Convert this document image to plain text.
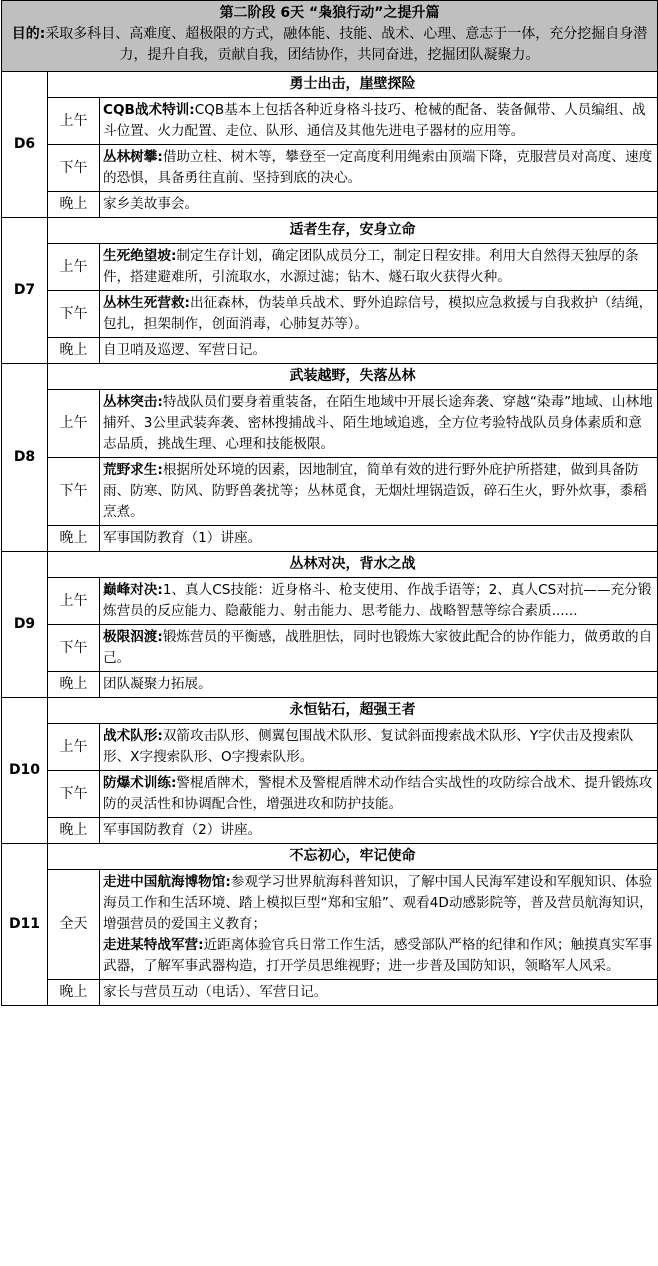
第二阶段 6天 “枭狼行动”之提升篇
目的:采取多科目、高难度、超极限的方式，融体能、技能、战术、心理、意志于一体，充分挖掘自身潜力，提升自我，贡献自我，团结协作，共同奋进，挖掘团队凝聚力。		

D6	勇士出击，崖壁探险	
	上午	CQB战术特训:CQB基本上包括各种近身格斗技巧、枪械的配备、装备佩带、人员编组、战斗位置、火力配置、走位、队形、通信及其他先进电子器材的应用等。

	下午	丛林树攀:借助立柱、树木等，攀登至一定高度利用绳索由顶端下降，克服营员对高度、速度的恐惧，具备勇往直前、坚持到底的决心。

	晚上	家乡美故事会。

D7	适者生存，安身立命	
	上午	生死绝望坡:制定生存计划，确定团队成员分工，制定日程安排。利用大自然得天独厚的条件，搭建避难所，引流取水，水源过滤；钻木、燧石取火获得火种。

	下午	丛林生死营救:出征森林，伪装单兵战术、野外追踪信号，模拟应急救援与自我救护（结绳，包扎，担架制作，创面消毒，心肺复苏等）。

	晚上	自卫哨及巡逻、军营日记。

D8	武装越野，失落丛林	
	上午	丛林突击:特战队员们要身着重装备，在陌生地域中开展长途奔袭、穿越“染毒”地域、山林地捕歼、3公里武装奔袭、密林搜捕战斗、陌生地域追逃，全方位考验特战队员身体素质和意志品质，挑战生理、心理和技能极限。

	下午	荒野求生:根据所处环境的因素，因地制宜，简单有效的进行野外庇护所搭建，做到具备防雨、防寒、防风、防野兽袭扰等；丛林觅食，无烟灶埋锅造饭，碎石生火，野外炊事，黍稻烹煮。

	晚上	军事国防教育（1）讲座。

D9	丛林对决，背水之战	
	上午	巅峰对决:1、真人CS技能：近身格斗、枪支使用、作战手语等；2、真人CS对抗——充分锻炼营员的反应能力、隐蔽能力、射击能力、思考能力、战略智慧等综合素质......

	下午	极限泅渡:锻炼营员的平衡感，战胜胆怯，同时也锻炼大家彼此配合的协作能力，做勇敢的自己。

	晚上	团队凝聚力拓展。

D10	永恒钻石，超强王者	
	上午	战术队形:双箭攻击队形、侧翼包围战术队形、复试斜面搜索战术队形、Y字伏击及搜索队形、X字搜索队形、O字搜索队形。

	下午	防爆术训练:警棍盾牌术，警棍术及警棍盾牌术动作结合实战性的攻防综合战术、提升锻炼攻防的灵活性和协调配合性，增强进攻和防护技能。

	晚上	军事国防教育（2）讲座。

D11	不忘初心，牢记使命	
	全天	走进中国航海博物馆:参观学习世界航海科普知识，了解中国人民海军建设和军舰知识、体验海员工作和生活环境、踏上模拟巨型“郑和宝船”、观看4D动感影院等，普及营员航海知识，增强营员的爱国主义教育；
走进某特战军营:近距离体验官兵日常工作生活，感受部队严格的纪律和作风；触摸真实军事武器，了解军事武器构造，打开学员思维视野；进一步普及国防知识，领略军人风采。

	晚上	家长与营员互动（电话）、军营日记。
